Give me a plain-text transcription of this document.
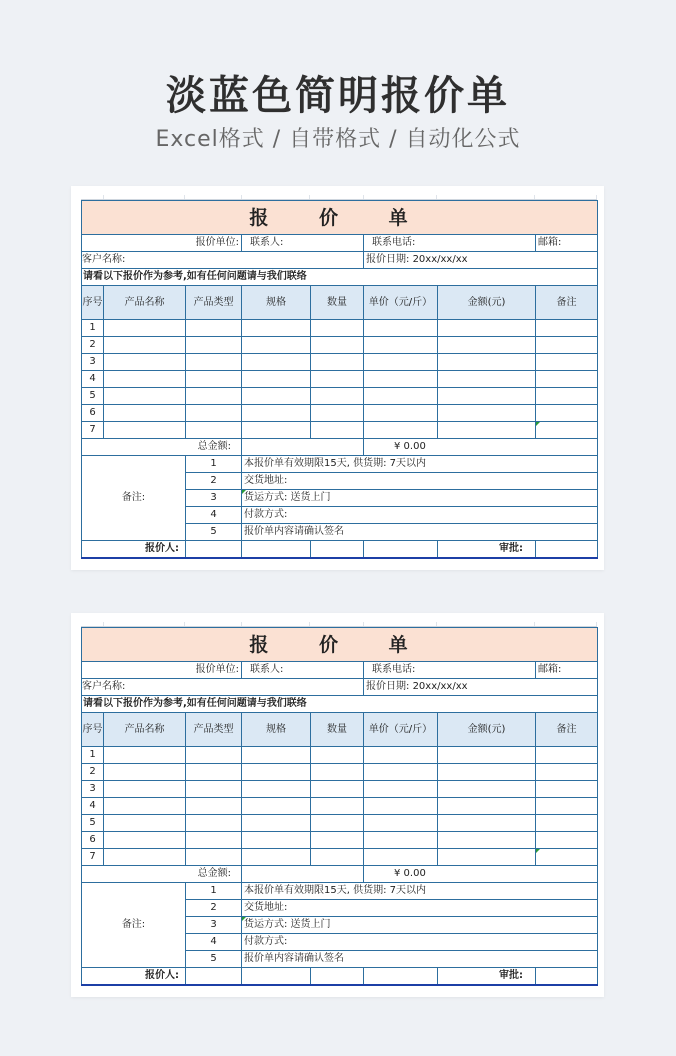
淡蓝色简明报价单
Excel格式 / 自带格式 / 自动化公式
报 价 单							
报价单位:			联系人:		联系电话:		邮箱:
客户名称:					报价日期: 20xx/xx/xx		
请看以下报价作为参考,如有任何问题请与我们联络							
序号	产品名称	产品类型	规格	数量	单价（元/斤）	金额(元)	备注
1							
2							
3							
4							
5							
6							
7							
总金额:					¥ 0.00		
备注:		1	本报价单有效期限15天, 供货期: 7天以内				
		2	交货地址:				
		3	货运方式: 送货上门				
		4	付款方式:				
		5	报价单内容请确认签名				
报价人:						审批:	
报 价 单							
报价单位:			联系人:		联系电话:		邮箱:
客户名称:					报价日期: 20xx/xx/xx		
请看以下报价作为参考,如有任何问题请与我们联络							
序号	产品名称	产品类型	规格	数量	单价（元/斤）	金额(元)	备注
1							
2							
3							
4							
5							
6							
7							
总金额:					¥ 0.00		
备注:		1	本报价单有效期限15天, 供货期: 7天以内				
		2	交货地址:				
		3	货运方式: 送货上门				
		4	付款方式:				
		5	报价单内容请确认签名				
报价人:						审批:	
